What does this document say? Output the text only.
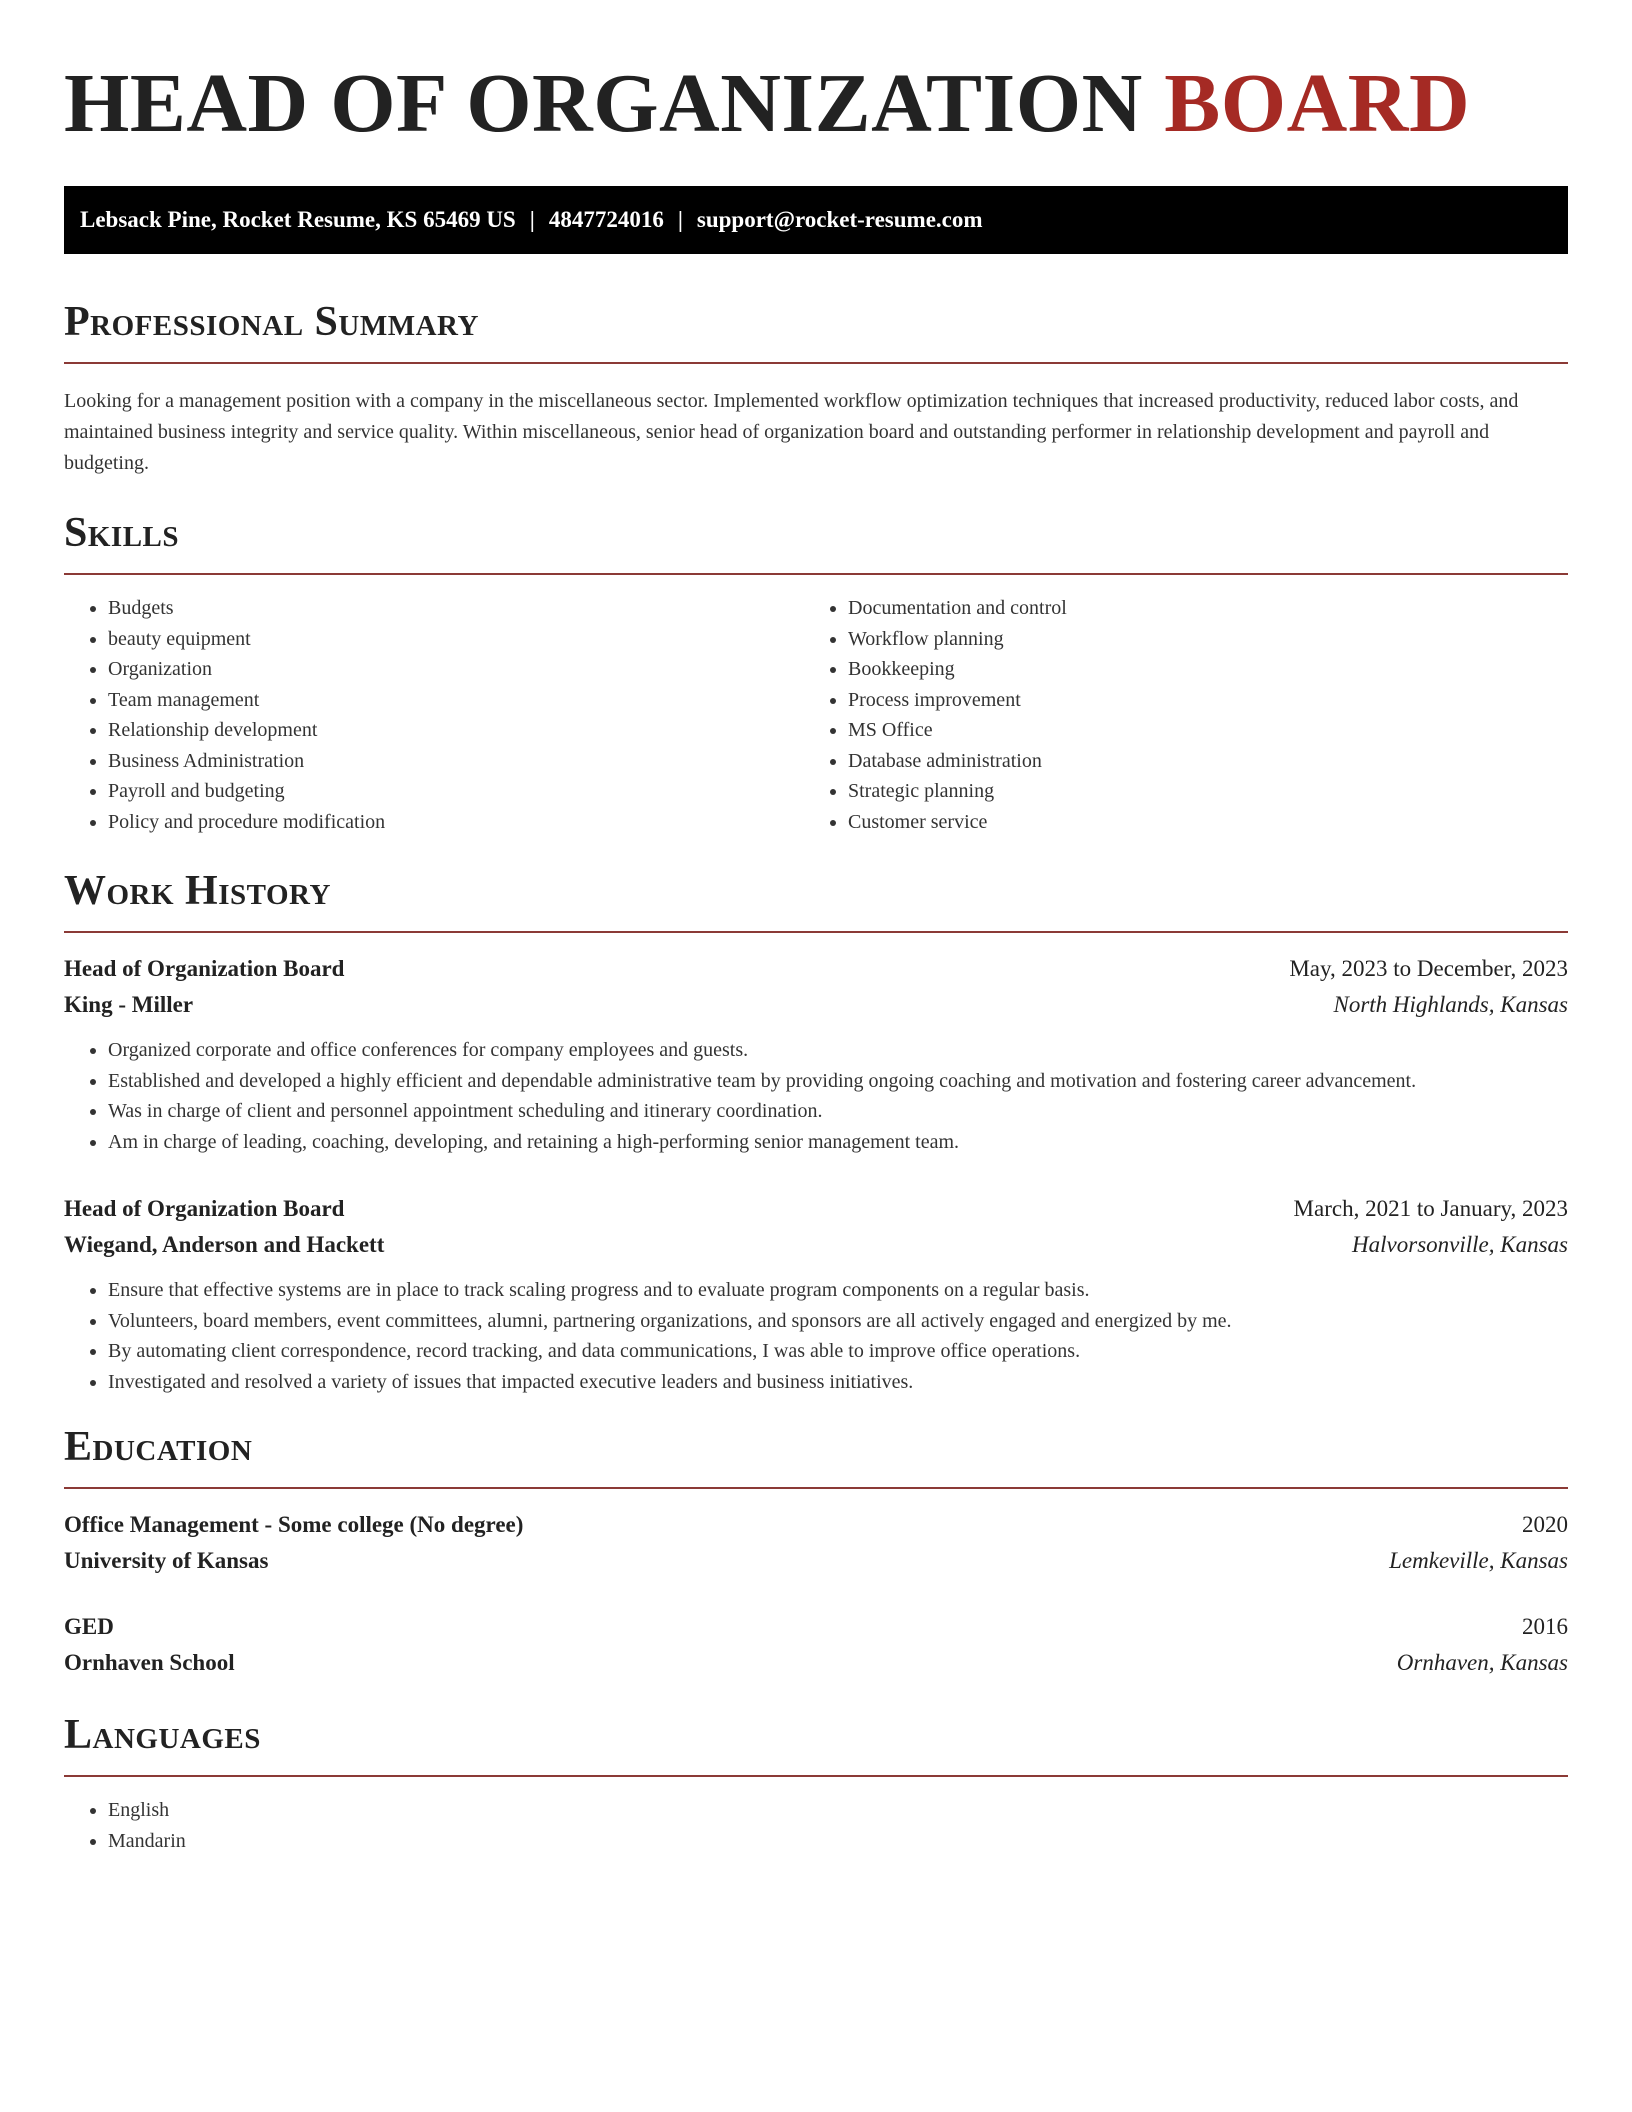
HEAD OF ORGANIZATION BOARD
Lebsack Pine, Rocket Resume, KS 65469 US | 4847724016 | support@rocket-resume.com
Professional Summary

Looking for a management position with a company in the miscellaneous sector. Implemented workflow optimization techniques that increased productivity, reduced labor costs, and maintained business integrity and service quality. Within miscellaneous, senior head of organization board and outstanding performer in relationship development and payroll and budgeting.

Skills
• Budgets
• beauty equipment
• Organization
• Team management
• Relationship development
• Business Administration
• Payroll and budgeting
• Policy and procedure modification
• Documentation and control
• Workflow planning
• Bookkeeping
• Process improvement
• MS Office
• Database administration
• Strategic planning
• Customer service
Work History
Head of Organization Board	May, 2023 to December, 2023
King - Miller	North Highlands, Kansas
• Organized corporate and office conferences for company employees and guests.
• Established and developed a highly efficient and dependable administrative team by providing ongoing coaching and motivation and fostering career advancement.
• Was in charge of client and personnel appointment scheduling and itinerary coordination.
• Am in charge of leading, coaching, developing, and retaining a high-performing senior management team.
Head of Organization Board	March, 2021 to January, 2023
Wiegand, Anderson and Hackett	Halvorsonville, Kansas
• Ensure that effective systems are in place to track scaling progress and to evaluate program components on a regular basis.
• Volunteers, board members, event committees, alumni, partnering organizations, and sponsors are all actively engaged and energized by me.
• By automating client correspondence, record tracking, and data communications, I was able to improve office operations.
• Investigated and resolved a variety of issues that impacted executive leaders and business initiatives.
Education
Office Management - Some college (No degree)	2020
University of Kansas	Lemkeville, Kansas
GED	2016
Ornhaven School	Ornhaven, Kansas
Languages
• English
• Mandarin
